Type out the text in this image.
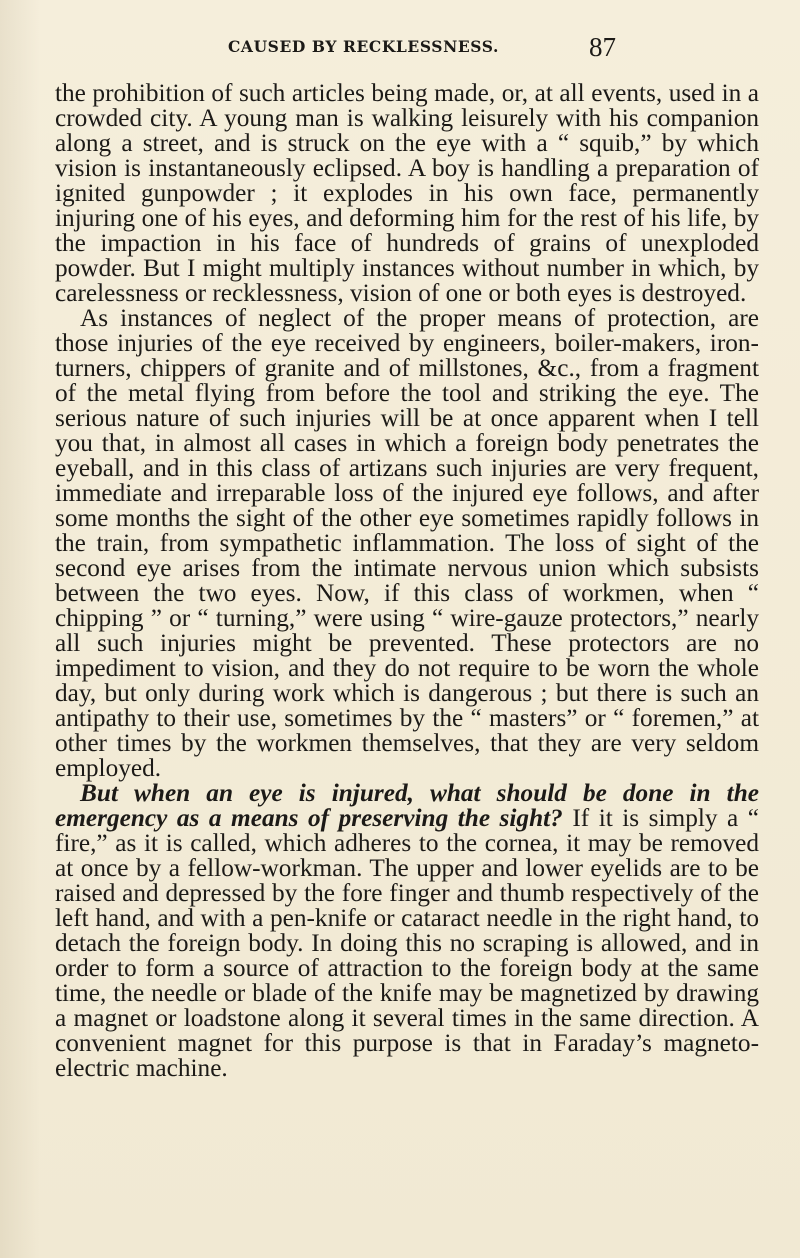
CAUSED BY RECKLESSNESS.	87

the prohibition of such articles being made, or, at all events, used in a crowded city. A young man is walking leisurely with his companion along a street, and is struck on the eye with a “ squib,” by which vision is instantaneously eclipsed. A boy is handling a preparation of ignited gunpowder ; it explodes in his own face, permanently injuring one of his eyes, and deforming him for the rest of his life, by the impaction in his face of hundreds of grains of unexploded powder. But I might multiply instances without number in which, by carelessness or recklessness, vision of one or both eyes is destroyed.

As instances of neglect of the proper means of protection, are those injuries of the eye received by engineers, boiler-makers, iron-turners, chippers of granite and of millstones, &c., from a fragment of the metal flying from before the tool and striking the eye. The serious nature of such injuries will be at once apparent when I tell you that, in almost all cases in which a foreign body penetrates the eyeball, and in this class of artizans such injuries are very frequent, immediate and irreparable loss of the injured eye follows, and after some months the sight of the other eye sometimes rapidly follows in the train, from sympathetic inflammation. The loss of sight of the second eye arises from the intimate nervous union which subsists between the two eyes. Now, if this class of workmen, when “ chipping ” or “ turning,” were using “ wire-gauze protectors,” nearly all such injuries might be prevented. These protectors are no impediment to vision, and they do not require to be worn the whole day, but only during work which is dangerous ; but there is such an antipathy to their use, sometimes by the “ masters” or “ foremen,” at other times by the workmen themselves, that they are very seldom employed.

But when an eye is injured, what should be done in the emergency as a means of preserving the sight? If it is simply a “ fire,” as it is called, which adheres to the cornea, it may be removed at once by a fellow-workman. The upper and lower eyelids are to be raised and depressed by the fore finger and thumb respectively of the left hand, and with a pen-knife or cataract needle in the right hand, to detach the foreign body. In doing this no scraping is allowed, and in order to form a source of attraction to the foreign body at the same time, the needle or blade of the knife may be magnetized by drawing a magnet or loadstone along it several times in the same direction. A convenient magnet for this purpose is that in Faraday’s magneto-electric machine.
